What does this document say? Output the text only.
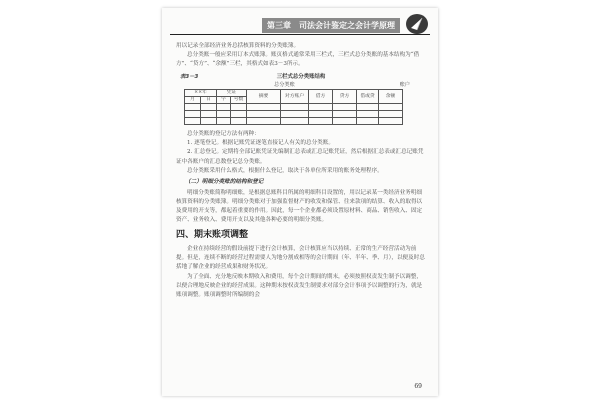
第三章　司法会计鉴定之会计学原理

用以记录全部经济业务总括核算资料的分类账簿。

总分类账一般应采用订本式账簿。账页格式通常采用三栏式，三栏式总分类账的基本结构为“借方”、“贷方”、“余额”三栏，其格式如表3－3所示。

表3－3	三栏式总分类账结构
总分类账	账户
××年		凭证		摘要	对方账户	借方	贷方	借或贷	余额
月	日	字	号数						

总分类账的登记方法有两种：

1. 逐笔登记。根据记账凭证逐笔直接记人有关的总分类账。

2. 汇总登记。定期将全部记账凭证先编制汇总表或汇总记账凭证，然后根据汇总表或汇总记账凭证中各账户的汇总数登记总分类账。

总分类账采用什么格式，根据什么登记，取决于各单位所采用的账务处理程序。

（二）明细分类账的结构和登记

明细分类账简称明细账，是根据总账科目所属的明细科目设置的，用以记录某一类经济业务明细核算资料的分类账簿。明细分类账对于加强监督财产的收发和保管、往来款项的结算、收入的取得以及费用的开支等，都起着重要的作用。因此，每一个企业都必须设置原材料、商品、销售收入、固定资产、业务收入、费用开支以及其他各种必要的明细分类账。

四、期末账项调整

企业在持续经营的假设前提下进行会计核算，会计核算应当以持续、正常的生产经营活动为前提。但是，连续不断的经营过程需要人为地分割成相等的会计期间（年、半年、季、月），以便及时总括地了解企业的经营成果和财务状况。

为了全面、充分地反映本期收入和费用，每个会计期间的期末，必须按照权责发生制予以调整，以便合理地反映企业的经营成果。这种期末按权责发生制要求对部分会计事项予以调整的行为，就是账项调整。账项调整时所编制的会

69
